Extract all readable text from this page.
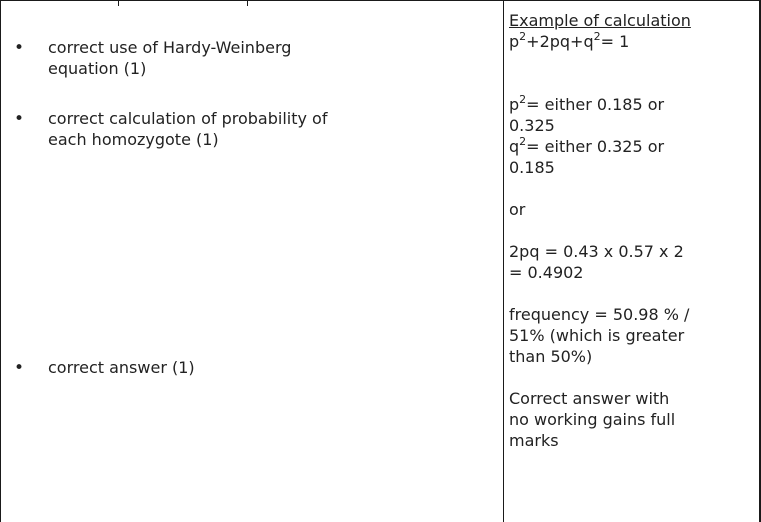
• correct use of Hardy-Weinberg
equation (1)
• correct calculation of probability of
each homozygote (1)
• correct answer (1)
Example of calculation
$p^2+2pq+q^2= 1$
$p^2=$ either 0.185 or
0.325
$q^2=$ either 0.325 or
0.185
or
2pq = 0.43 x 0.57 x 2
= 0.4902
frequency = 50.98 % /
51% (which is greater
than 50%)
Correct answer with
no working gains full
marks
